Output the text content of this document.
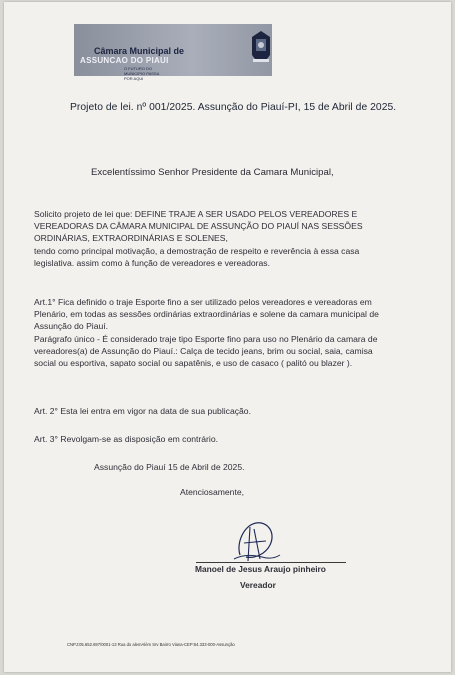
Câmara Municipal de
ASSUNCAO DO PIAUI
O FUTURO DO MUNICIPIO PASSA POR AQUI
Projeto de lei. nº 001/2025. Assunção do Piauí-PI, 15 de Abril de 2025.
Excelentíssimo Senhor Presidente da Camara Municipal,
Solicito projeto de lei que: DEFINE TRAJE A SER USADO PELOS VEREADORES E
VEREADORAS DA CÂMARA MUNICIPAL DE ASSUNÇÃO DO PIAUÍ NAS SESSÕES
ORDINÁRIAS, EXTRAORDINÁRIAS E SOLENES,
tendo como principal motivação, a demostração de respeito e reverência à essa casa
legislativa. assim como à função de vereadores e vereadoras.
Art.1° Fica definido o traje Esporte fino a ser utilizado pelos vereadores e vereadoras em
Plenário, em todas as sessões ordinárias extraordinárias e solene da camara municipal de
Assunção do Piauí.
Parágrafo único - É considerado traje tipo Esporte fino para uso no Plenário da camara de
vereadores(a) de Assunção do Piauí.: Calça de tecido jeans, brim ou social, saia, camisa
social ou esportiva, sapato social ou sapatênis, e uso de casaco ( palitó ou blazer ).
Art. 2° Esta lei entra em vigor na data de sua publicação.
Art. 3° Revolgam-se as disposição em contrário.
Assunção do Piauí 15 de Abril de 2025.
Atenciosamente,
Manoel de Jesus Araujo pinheiro
Vereador
CNPJ:05.652.697/0001-13 Rua do alemAlém Srv Bairro Viana-CEP:64.333-000-Assunção
